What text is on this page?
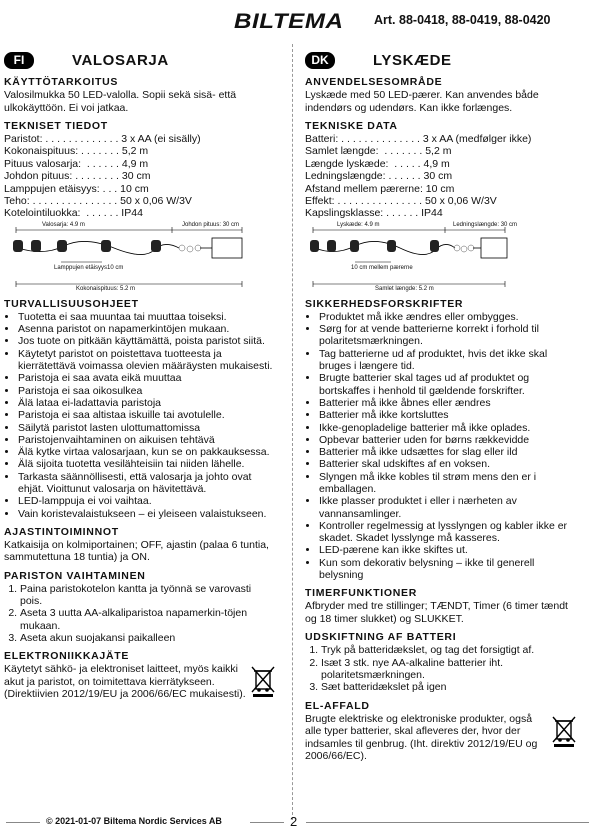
BILTEMA Art. 88-0418, 88-0419, 88-0420
FI	VALOSARJA
KÄYTTÖTARKOITUS

Valosilmukka 50 LED-valolla. Sopii sekä sisä- että ulkokäyttöön. Ei voi jatkaa.

TEKNISET TIEDOT
Paristot: . . . . . . . . . . . . . 3 x AA (ei sisälly)
Kokonaispituus: . . . . . . . 5,2 m
Pituus valosarja:  . . . . . . 4,9 m
Johdon pituus: . . . . . . . . 30 cm
Lamppujen etäisyys: . . . 10 cm
Teho: . . . . . . . . . . . . . . . 50 x 0,06 W/3V
Kotelointiluokka:  . . . . . . IP44
Valosarja: 4.9 m	Johdon pituus: 30 cm
Lamppujen etäisyys10 cm
Kokonaispituus: 5.2 m
TURVALLISUUSOHJEET
• Tuotetta ei saa muuntaa tai muuttaa toiseksi.
• Asenna paristot on napamerkintöjen mukaan.
• Jos tuote on pitkään käyttämättä, poista paristot siitä.
• Käytetyt paristot on poistettava tuotteesta ja kierrätettävä voimassa olevien määräysten mukaisesti.
• Paristoja ei saa avata eikä muuttaa
• Paristoja ei saa oikosulkea
• Älä lataa ei-ladattavia paristoja
• Paristoja ei saa altistaa iskuille tai avotulelle.
• Säilytä paristot lasten ulottumattomissa
• Paristojenvaihtaminen on aikuisen tehtävä
• Älä kytke virtaa valosarjaan, kun se on pakkauksessa.
• Älä sijoita tuotetta vesilähteisiin tai niiden lähelle.
• Tarkasta säännöllisesti, että valosarja ja johto ovat ehjät. Vioittunut valosarja on hävitettävä.
• LED-lamppuja ei voi vaihtaa.
• Vain koristevalaistukseen – ei yleiseen valaistukseen.
AJASTINTOIMINNOT

Katkaisija on kolmiportainen; OFF, ajastin (palaa 6 tuntia, sammutettuna 18 tuntia) ja ON.

PARISTON VAIHTAMINEN
1. Paina paristokotelon kantta ja työnnä se varovasti pois.
2. Aseta 3 uutta AA-alkaliparistoa napamerkin-töjen mukaan.
3. Aseta akun suojakansi paikalleen
ELEKTRONIIKKAJÄTE

Käytetyt sähkö- ja elektroniset laitteet, myös kaikki akut ja paristot, on toimitettava kierrätykseen. (Direktiivien 2012/19/EU ja 2006/66/EC mukaisesti).

DK	LYSKÆDE
ANVENDELSESOMRÅDE

Lyskæde med 50 LED-pærer. Kan anvendes både indendørs og udendørs. Kan ikke forlænges.

TEKNISKE DATA
Batteri: . . . . . . . . . . . . . . 3 x AA (medfølger ikke)
Samlet længde:  . . . . . . . 5,2 m
Længde lyskæde:  . . . . . 4,9 m
Ledningslængde: . . . . . . 30 cm
Afstand mellem pærerne: 10 cm
Effekt: . . . . . . . . . . . . . . . 50 x 0,06 W/3V
Kapslingsklasse: . . . . . . IP44
Lyskæde: 4.9 m	Ledningslængde: 30 cm
10 cm mellem pærerne
Samlet længde: 5.2 m
SIKKERHEDSFORSKRIFTER
• Produktet må ikke ændres eller ombygges.
• Sørg for at vende batterierne korrekt i forhold til polaritetsmærkningen.
• Tag batterierne ud af produktet, hvis det ikke skal bruges i længere tid.
• Brugte batterier skal tages ud af produktet og bortskaffes i henhold til gældende forskrifter.
• Batterier må ikke åbnes eller ændres
• Batterier må ikke kortsluttes
• Ikke-genopladelige batterier må ikke oplades.
• Opbevar batterier uden for børns rækkevidde
• Batterier må ikke udsættes for slag eller ild
• Batterier skal udskiftes af en voksen.
• Slyngen må ikke kobles til strøm mens den er i emballagen.
• Ikke plasser produktet i eller i nærheten av vannansamlinger.
• Kontroller regelmessig at lysslyngen og kabler ikke er skadet. Skadet lysslynge må kasseres.
• LED-pærene kan ikke skiftes ut.
• Kun som dekorativ belysning – ikke til generell belysning
TIMERFUNKTIONER

Afbryder med tre stillinger; TÆNDT, Timer (6 timer tændt og 18 timer slukket) og SLUKKET.

UDSKIFTNING AF BATTERI
1. Tryk på batteridækslet, og tag det forsigtigt af.
2. Isæt 3 stk. nye AA-alkaline batterier iht. polaritetsmærkningen.
3. Sæt batteridækslet på igen
EL-AFFALD

Brugte elektriske og elektroniske produkter, også alle typer batterier, skal afleveres der, hvor der indsamles til genbrug. (Iht. direktiv 2012/19/EU og 2006/66/EC).

© 2021-01-07 Biltema Nordic Services AB	2
